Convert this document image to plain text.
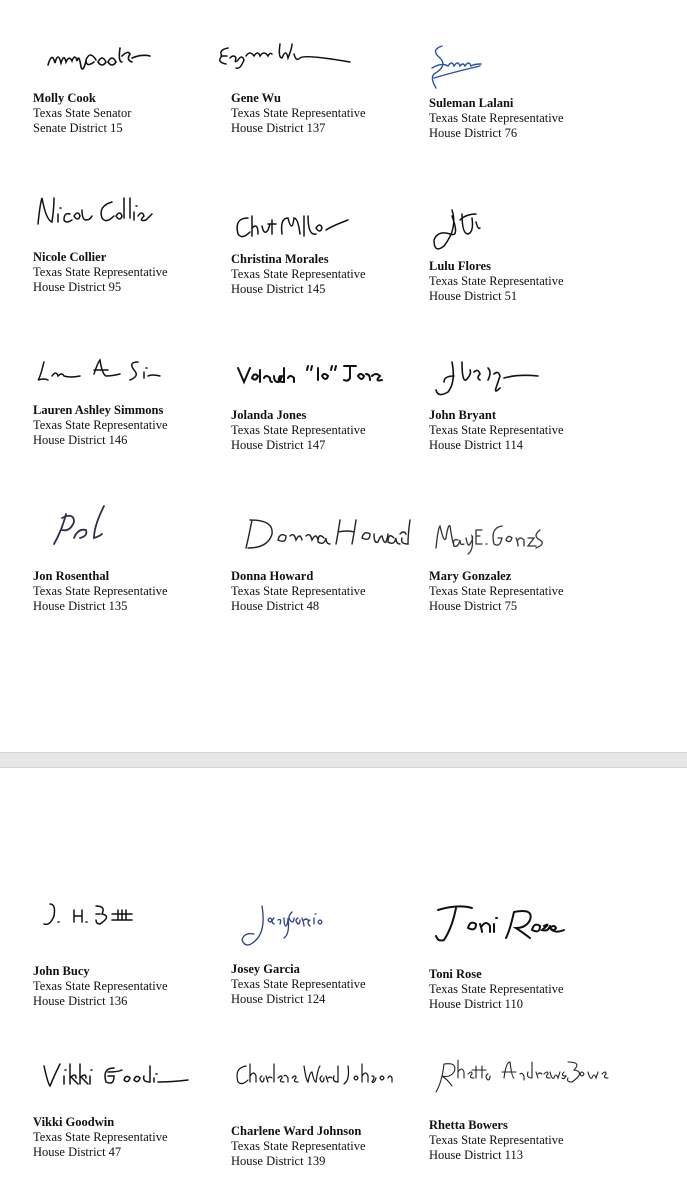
Molly Cook
Texas State Senator
Senate District 15
Gene Wu
Texas State Representative
House District 137
Suleman Lalani
Texas State Representative
House District 76
Nicole Collier
Texas State Representative
House District 95
Christina Morales
Texas State Representative
House District 145
Lulu Flores
Texas State Representative
House District 51
Lauren Ashley Simmons
Texas State Representative
House District 146
Jolanda Jones
Texas State Representative
House District 147
John Bryant
Texas State Representative
House District 114
Jon Rosenthal
Texas State Representative
House District 135
Donna Howard
Texas State Representative
House District 48
Mary Gonzalez
Texas State Representative
House District 75
John Bucy
Texas State Representative
House District 136
Josey Garcia
Texas State Representative
House District 124
Toni Rose
Texas State Representative
House District 110
Vikki Goodwin
Texas State Representative
House District 47
Charlene Ward Johnson
Texas State Representative
House District 139
Rhetta Bowers
Texas State Representative
House District 113
